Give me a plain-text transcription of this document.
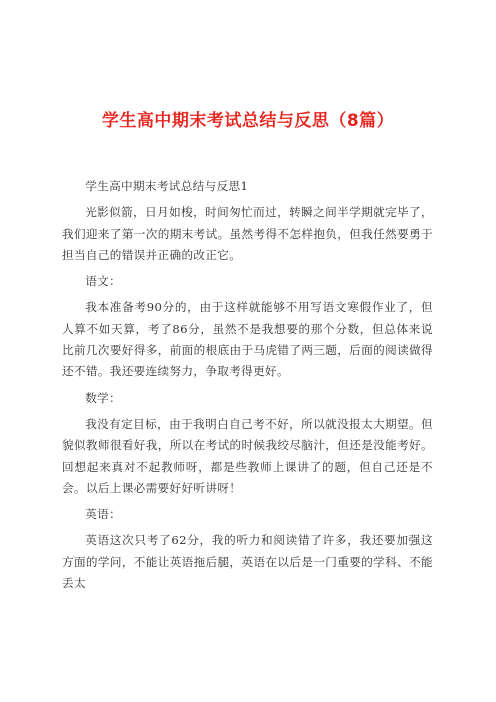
学生高中期末考试总结与反思（8篇）

学生高中期末考试总结与反思1

光影似箭，日月如梭，时间匆忙而过，转瞬之间半学期就完毕了，我们迎来了第一次的期末考试。虽然考得不怎样抱负，但我任然要勇于担当自己的错误并正确的改正它。

语文：

我本准备考90分的，由于这样就能够不用写语文寒假作业了，但人算不如天算，考了86分，虽然不是我想要的那个分数，但总体来说比前几次要好得多，前面的根底由于马虎错了两三题，后面的阅读做得还不错。我还要连续努力，争取考得更好。

数学：

我没有定目标，由于我明白自己考不好，所以就没报太大期望。但貌似教师很看好我，所以在考试的时候我绞尽脑汁，但还是没能考好。回想起来真对不起教师呀，都是些教师上课讲了的题，但自己还是不会。以后上课必需要好好听讲呀！

英语：

英语这次只考了62分，我的听力和阅读错了许多，我还要加强这方面的学问，不能让英语拖后腿，英语在以后是一门重要的学科、不能丢太
